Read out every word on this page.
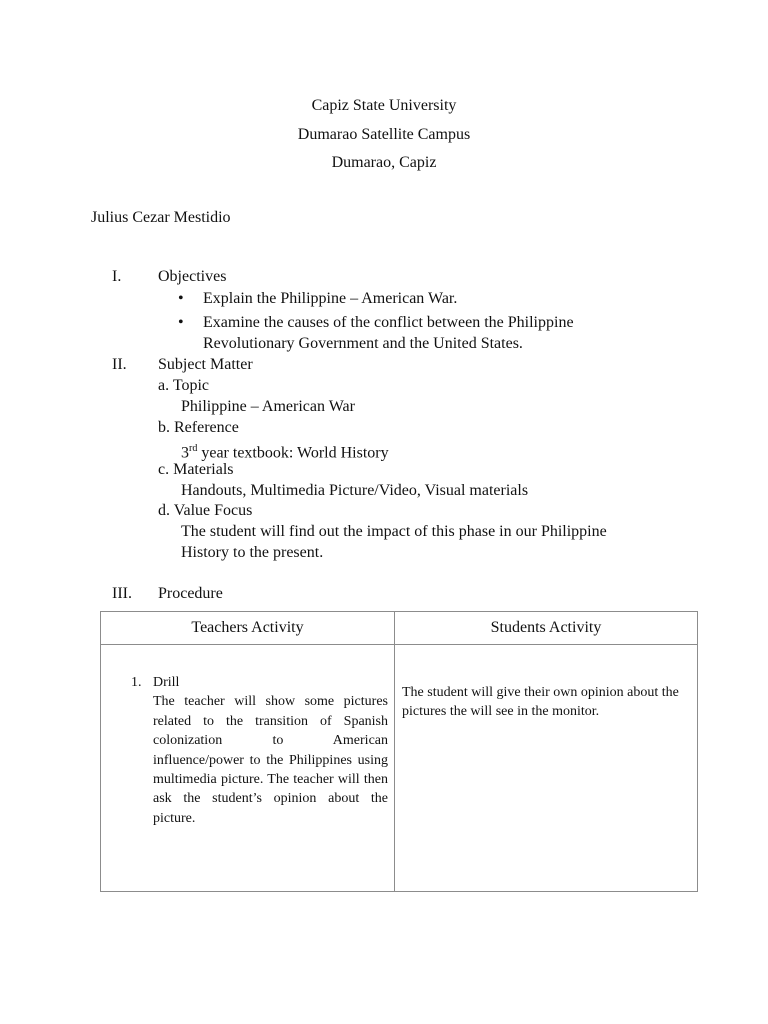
Capiz State University
Dumarao Satellite Campus
Dumarao, Capiz
Julius Cezar Mestidio
I. Objectives
• Explain the Philippine – American War.
• Examine the causes of the conflict between the Philippine
Revolutionary Government and the United States.
II. Subject Matter
a. Topic
Philippine – American War
b. Reference
3rd year textbook: World History
c. Materials
Handouts, Multimedia Picture/Video, Visual materials
d. Value Focus
The student will find out the impact of this phase in our Philippine
History to the present.
III. Procedure
Teachers Activity	Students Activity

1. Drill
The teacher will show some pictures related to the transition of Spanish colonization to American influence/power to the Philippines using multimedia picture. The teacher will then ask the student’s opinion about the picture.	The student will give their own opinion about the pictures the will see in the monitor.
